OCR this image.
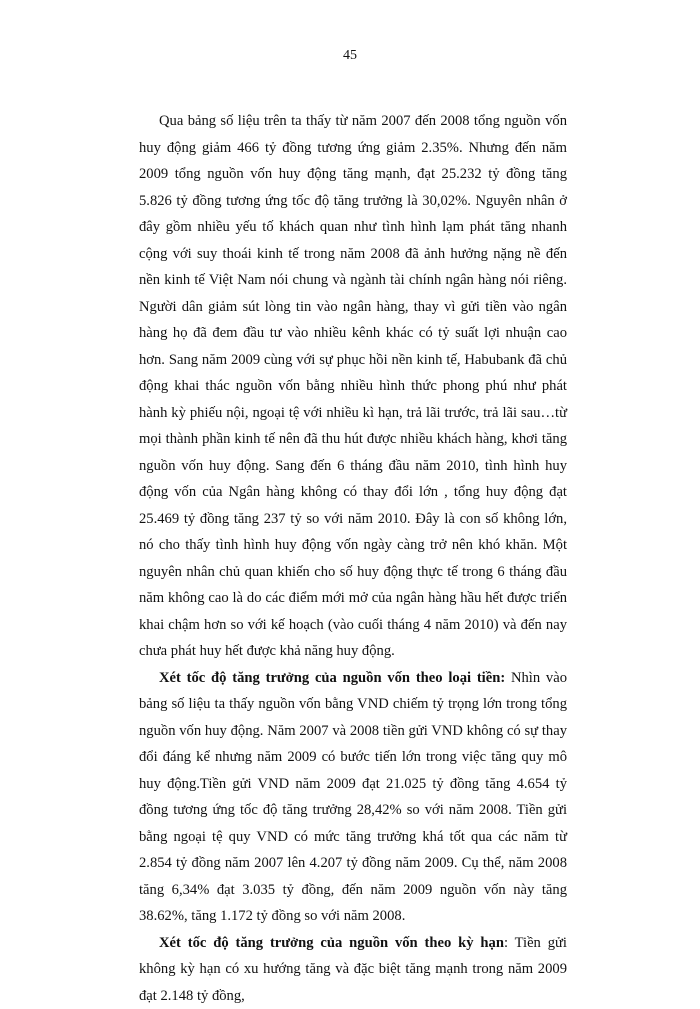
45

Qua bảng số liệu trên ta thấy từ năm 2007 đến 2008 tổng nguồn vốn huy động giảm 466 tỷ đồng tương ứng giảm 2.35%. Nhưng đến năm 2009 tổng nguồn vốn huy động tăng mạnh, đạt 25.232 tỷ đồng tăng 5.826 tỷ đồng tương ứng tốc độ tăng trưởng là 30,02%. Nguyên nhân ở đây gồm nhiều yếu tố khách quan như tình hình lạm phát tăng nhanh cộng với suy thoái kinh tế trong năm 2008 đã ảnh hưởng nặng nề đến nền kinh tế Việt Nam nói chung và ngành tài chính ngân hàng nói riêng. Người dân giảm sút lòng tin vào ngân hàng, thay vì gửi tiền vào ngân hàng họ đã đem đầu tư vào nhiều kênh khác có tỷ suất lợi nhuận cao hơn. Sang năm 2009 cùng với sự phục hồi nền kinh tế, Habubank đã chủ động khai thác nguồn vốn bằng nhiều hình thức phong phú như phát hành kỳ phiếu nội, ngoại tệ với nhiều kì hạn, trả lãi trước, trả lãi sau…từ mọi thành phần kinh tế nên đã thu hút được nhiều khách hàng, khơi tăng nguồn vốn huy động. Sang đến 6 tháng đầu năm 2010, tình hình huy động vốn của Ngân hàng không có thay đổi lớn , tổng huy động đạt 25.469 tỷ đồng tăng 237 tỷ so với năm 2010. Đây là con số không lớn, nó cho thấy tình hình huy động vốn ngày càng trở nên khó khăn. Một nguyên nhân chủ quan khiến cho số huy động thực tế trong 6 tháng đầu năm không cao là do các điểm mới mở của ngân hàng hầu hết được triển khai chậm hơn so với kế hoạch (vào cuối tháng 4 năm 2010) và đến nay chưa phát huy hết được khả năng huy động.

Xét tốc độ tăng trưởng của nguồn vốn theo loại tiền: Nhìn vào bảng số liệu ta thấy nguồn vốn bằng VND chiếm tỷ trọng lớn trong tổng nguồn vốn huy động. Năm 2007 và 2008 tiền gửi VND không có sự thay đổi đáng kể nhưng năm 2009 có bước tiến lớn trong việc tăng quy mô huy động.Tiền gửi VND năm 2009 đạt 21.025 tỷ đồng tăng 4.654 tỷ đồng tương ứng tốc độ tăng trưởng 28,42% so với năm 2008. Tiền gửi bằng ngoại tệ quy VND có mức tăng trưởng khá tốt qua các năm từ 2.854 tỷ đồng năm 2007 lên 4.207 tỷ đồng năm 2009. Cụ thể, năm 2008 tăng 6,34% đạt 3.035 tỷ đồng, đến năm 2009 nguồn vốn này tăng 38.62%, tăng 1.172 tỷ đồng so với năm 2008.

Xét tốc độ tăng trưởng của nguồn vốn theo kỳ hạn: Tiền gửi không kỳ hạn có xu hướng tăng và đặc biệt tăng mạnh trong năm 2009 đạt 2.148 tỷ đồng,
